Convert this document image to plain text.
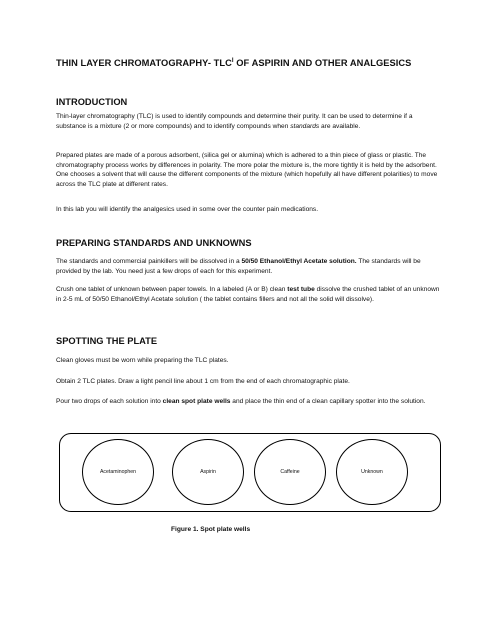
THIN LAYER CHROMATOGRAPHY- $TLC^I$ OF ASPIRIN AND OTHER ANALGESICS
INTRODUCTION
Thin-layer chromatography (TLC) is used to identify compounds and determine their purity. It can be used to determine if a substance is a mixture (2 or more compounds) and to identify compounds when standards are available.
Prepared plates are made of a porous adsorbent, (silica gel or alumina) which is adhered to a thin piece of glass or plastic. The chromatography process works by differences in polarity. The more polar the mixture is, the more tightly it is held by the adsorbent. One chooses a solvent that will cause the different components of the mixture (which hopefully all have different polarities) to move across the TLC plate at different rates.
In this lab you will identify the analgesics used in some over the counter pain medications.
PREPARING STANDARDS AND UNKNOWNS
The standards and commercial painkillers will be dissolved in a 50/50 Ethanol/Ethyl Acetate solution. The standards will be provided by the lab. You need just a few drops of each for this experiment.
Crush one tablet of unknown between paper towels. In a labeled (A or B) clean test tube dissolve the crushed tablet of an unknown in 2-5 mL of 50/50 Ethanol/Ethyl Acetate solution ( the tablet contains fillers and not all the solid will dissolve).
SPOTTING THE PLATE
Clean gloves must be worn while preparing the TLC plates.
Obtain 2 TLC plates. Draw a light pencil line about 1 cm from the end of each chromatographic plate.
Pour two drops of each solution into clean spot plate wells and place the thin end of a clean capillary spotter into the solution.
Acetaminophen	Aspirin	Caffeine	Unknown
Figure 1. Spot plate wells
